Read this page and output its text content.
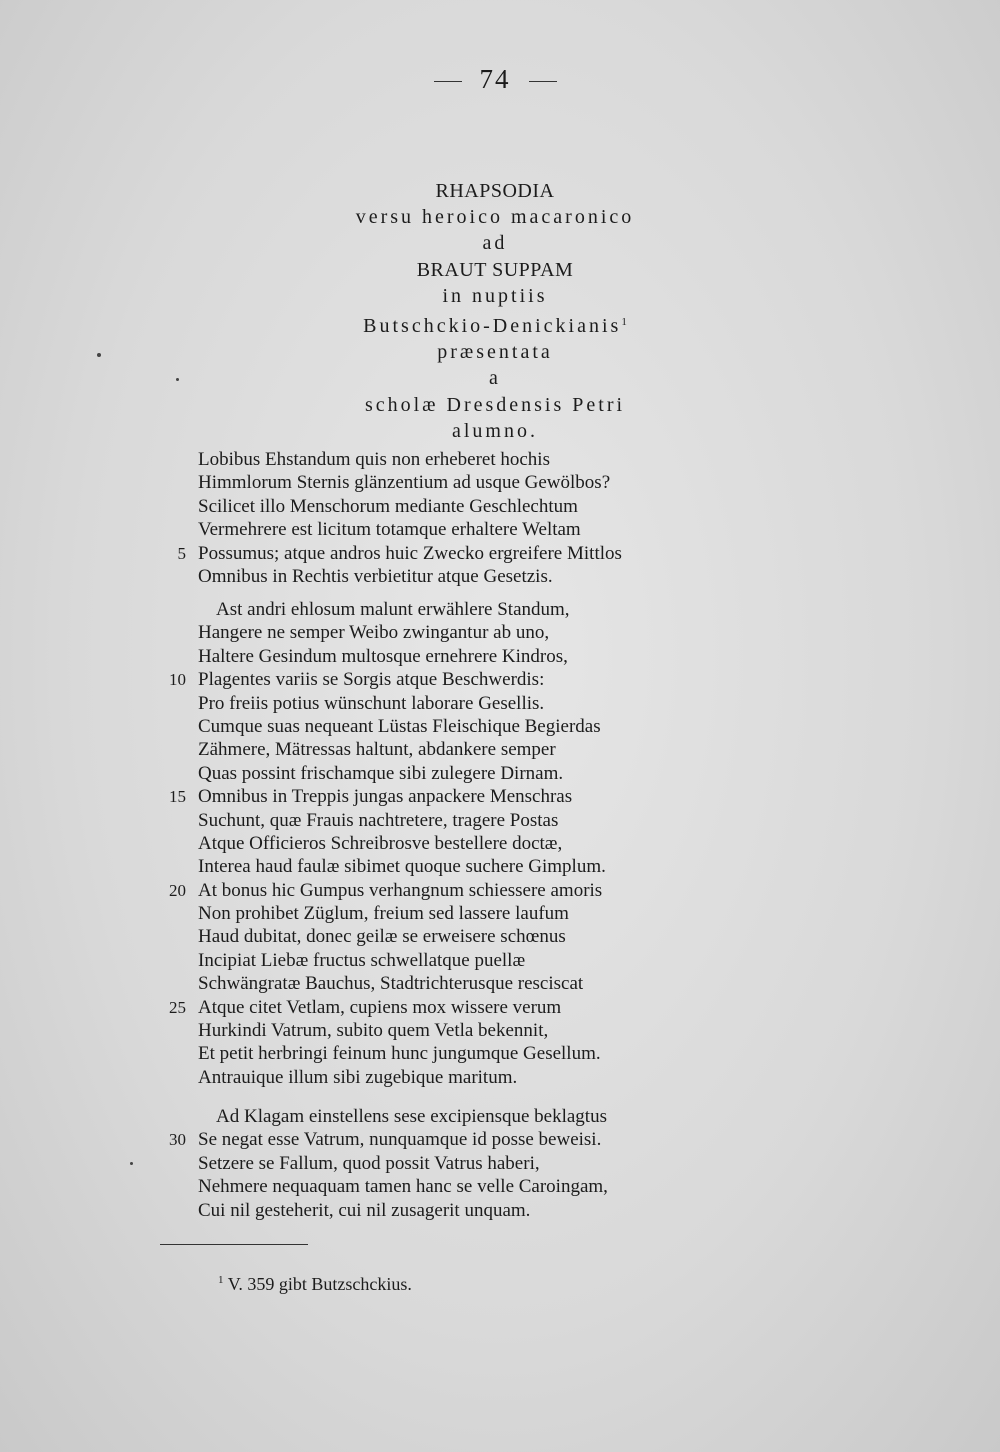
74
RHAPSODIA
versu heroico macaronico
ad
BRAUT SUPPAM
in nuptiis
Butschckio-Denickianis$^1$
præsentata
a
scholæ Dresdensis Petri
alumno.
Lobibus Ehstandum quis non erheberet hochis
Himmlorum Sternis glänzentium ad usque Gewölbos?
Scilicet illo Menschorum mediante Geschlechtum
Vermehrere est licitum totamque erhaltere Weltam
5 Possumus; atque andros huic Zwecko ergreifere Mittlos
Omnibus in Rechtis verbietitur atque Gesetzis.
Ast andri ehlosum malunt erwählere Standum,
Hangere ne semper Weibo zwingantur ab uno,
Haltere Gesindum multosque ernehrere Kindros,
10 Plagentes variis se Sorgis atque Beschwerdis:
Pro freiis potius wünschunt laborare Gesellis.
Cumque suas nequeant Lüstas Fleischique Begierdas
Zähmere, Mätressas haltunt, abdankere semper
Quas possint frischamque sibi zulegere Dirnam.
15 Omnibus in Treppis jungas anpackere Menschras
Suchunt, quæ Frauis nachtretere, tragere Postas
Atque Officieros Schreibrosve bestellere doctæ,
Interea haud faulæ sibimet quoque suchere Gimplum.
20 At bonus hic Gumpus verhangnum schiessere amoris
Non prohibet Züglum, freium sed lassere laufum
Haud dubitat, donec geilæ se erweisere schœnus
Incipiat Liebæ fructus schwellatque puellæ
Schwängratæ Bauchus, Stadtrichterusque resciscat
25 Atque citet Vetlam, cupiens mox wissere verum
Hurkindi Vatrum, subito quem Vetla bekennit,
Et petit herbringi feinum hunc jungumque Gesellum.
Antrauique illum sibi zugebique maritum.
Ad Klagam einstellens sese excipiensque beklagtus
30 Se negat esse Vatrum, nunquamque id posse beweisi.
Setzere se Fallum, quod possit Vatrus haberi,
Nehmere nequaquam tamen hanc se velle Caroingam,
Cui nil gesteherit, cui nil zusagerit unquam.
$^1$ V. 359 gibt Butzschckius.
